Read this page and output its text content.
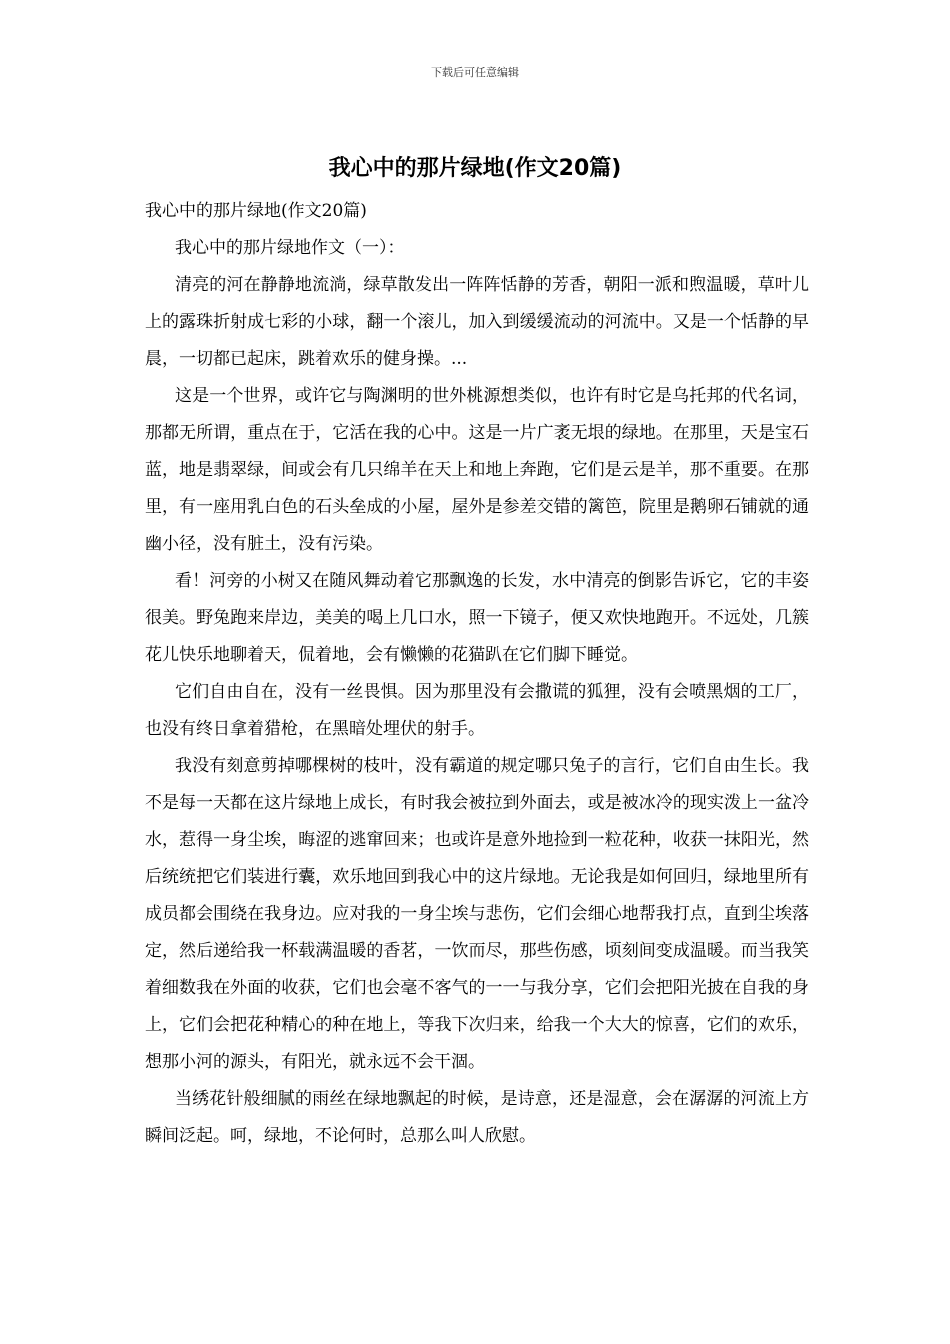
下载后可任意编辑
我心中的那片绿地(作文20篇)

我心中的那片绿地(作文20篇)

我心中的那片绿地作文（一）：

清亮的河在静静地流淌，绿草散发出一阵阵恬静的芳香，朝阳一派和煦温暖，草叶儿上的露珠折射成七彩的小球，翻一个滚儿，加入到缓缓流动的河流中。又是一个恬静的早晨，一切都已起床，跳着欢乐的健身操。...

这是一个世界，或许它与陶渊明的世外桃源想类似，也许有时它是乌托邦的代名词，那都无所谓，重点在于，它活在我的心中。这是一片广袤无垠的绿地。在那里，天是宝石蓝，地是翡翠绿，间或会有几只绵羊在天上和地上奔跑，它们是云是羊，那不重要。在那里，有一座用乳白色的石头垒成的小屋，屋外是参差交错的篱笆，院里是鹅卵石铺就的通幽小径，没有脏土，没有污染。

看！河旁的小树又在随风舞动着它那飘逸的长发，水中清亮的倒影告诉它，它的丰姿很美。野兔跑来岸边，美美的喝上几口水，照一下镜子，便又欢快地跑开。不远处，几簇花儿快乐地聊着天，侃着地，会有懒懒的花猫趴在它们脚下睡觉。

它们自由自在，没有一丝畏惧。因为那里没有会撒谎的狐狸，没有会喷黑烟的工厂，也没有终日拿着猎枪，在黑暗处埋伏的射手。

我没有刻意剪掉哪棵树的枝叶，没有霸道的规定哪只兔子的言行，它们自由生长。我不是每一天都在这片绿地上成长，有时我会被拉到外面去，或是被冰冷的现实泼上一盆冷水，惹得一身尘埃，晦涩的逃窜回来；也或许是意外地捡到一粒花种，收获一抹阳光，然后统统把它们装进行囊，欢乐地回到我心中的这片绿地。无论我是如何回归，绿地里所有成员都会围绕在我身边。应对我的一身尘埃与悲伤，它们会细心地帮我打点，直到尘埃落定，然后递给我一杯载满温暖的香茗，一饮而尽，那些伤感，顷刻间变成温暖。而当我笑着细数我在外面的收获，它们也会毫不客气的一一与我分享，它们会把阳光披在自我的身上，它们会把花种精心的种在地上，等我下次归来，给我一个大大的惊喜，它们的欢乐，想那小河的源头，有阳光，就永远不会干涸。

当绣花针般细腻的雨丝在绿地飘起的时候，是诗意，还是湿意，会在潺潺的河流上方瞬间泛起。呵，绿地，不论何时，总那么叫人欣慰。
